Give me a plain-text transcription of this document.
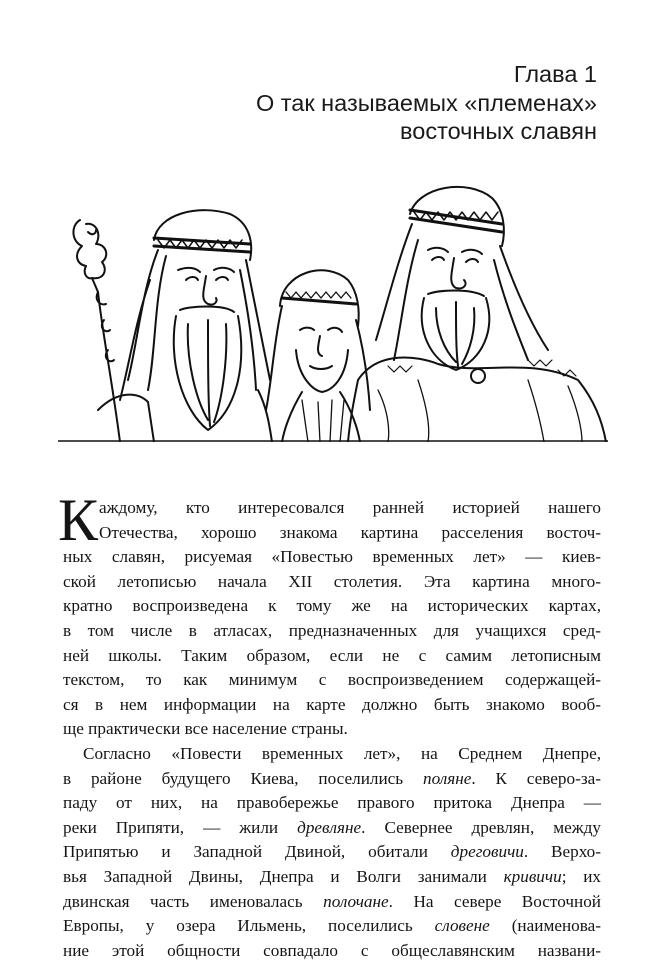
Глава 1
О так называемых «племенах»
восточных славян
К аждому, кто интересовался ранней историей нашего
Отечества, хорошо знакома картина расселения восточ-
ных славян, рисуемая «Повестью временных лет» — киев-
ской летописью начала XII столетия. Эта картина много-
кратно воспроизведена к тому же на исторических картах,
в том числе в атласах, предназначенных для учащихся сред-
ней школы. Таким образом, если не с самим летописным
текстом, то как минимум с воспроизведением содержащей-
ся в нем информации на карте должно быть знакомо вооб-
ще практически все население страны.
Согласно «Повести временных лет», на Среднем Днепре,
в районе будущего Киева, поселились поляне. К северо-за-
паду от них, на правобережье правого притока Днепра —
реки Припяти, — жили древляне. Севернее древлян, между
Припятью и Западной Двиной, обитали дреговичи. Верхо-
вья Западной Двины, Днепра и Волги занимали кривичи; их
двинская часть именовалась полочане. На севере Восточной
Европы, у озера Ильмень, поселились словене (наименова-
ние этой общности совпадало с общеславянским названи-
